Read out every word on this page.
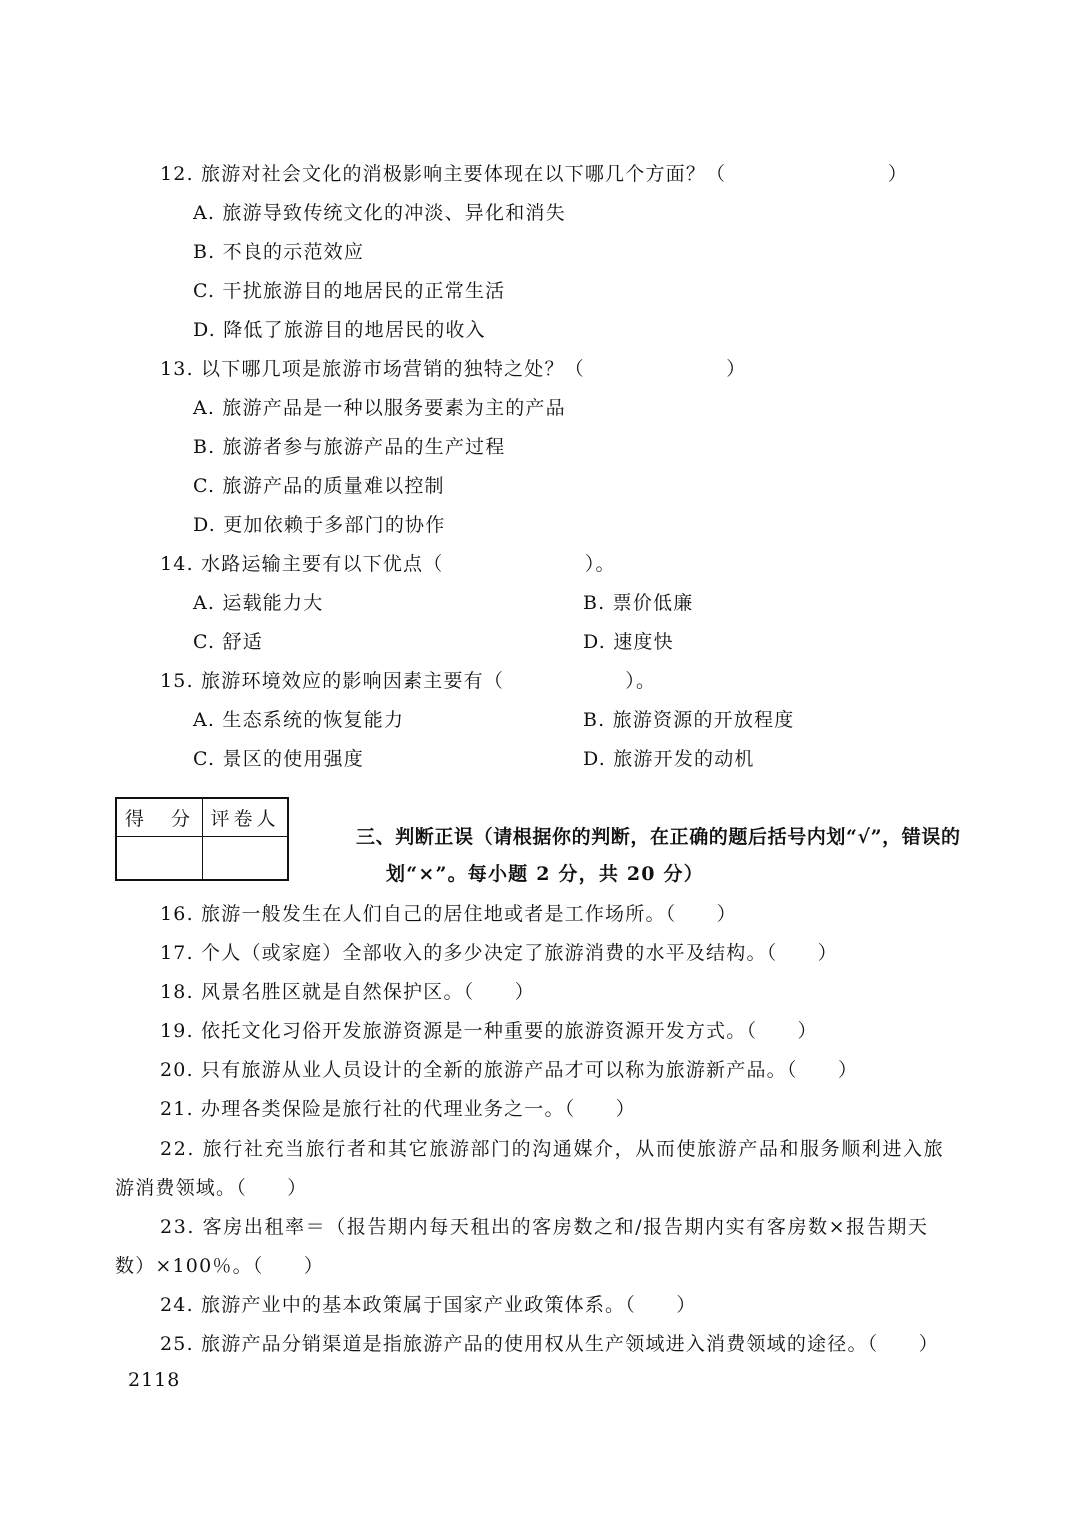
12. 旅游对社会文化的消极影响主要体现在以下哪几个方面？（　　　　　　　　）
A. 旅游导致传统文化的冲淡、异化和消失
B. 不良的示范效应
C. 干扰旅游目的地居民的正常生活
D. 降低了旅游目的地居民的收入
13. 以下哪几项是旅游市场营销的独特之处？（　　　　　　　）
A. 旅游产品是一种以服务要素为主的产品
B. 旅游者参与旅游产品的生产过程
C. 旅游产品的质量难以控制
D. 更加依赖于多部门的协作
14. 水路运输主要有以下优点（　　　　　　　）。
A. 运载能力大	B. 票价低廉
C. 舒适	D. 速度快
15. 旅游环境效应的影响因素主要有（　　　　　　）。
A. 生态系统的恢复能力	B. 旅游资源的开放程度
C. 景区的使用强度	D. 旅游开发的动机
得　分 评卷人
三、判断正误（请根据你的判断，在正确的题后括号内划“√”，错误的
划“×”。每小题 2 分，共 20 分）
16. 旅游一般发生在人们自己的居住地或者是工作场所。（　　）
17. 个人（或家庭）全部收入的多少决定了旅游消费的水平及结构。（　　）
18. 风景名胜区就是自然保护区。（　　）
19. 依托文化习俗开发旅游资源是一种重要的旅游资源开发方式。（　　）
20. 只有旅游从业人员设计的全新的旅游产品才可以称为旅游新产品。（　　）
21. 办理各类保险是旅行社的代理业务之一。（　　）
22. 旅行社充当旅行者和其它旅游部门的沟通媒介，从而使旅游产品和服务顺利进入旅
游消费领域。（　　）
23. 客房出租率＝（报告期内每天租出的客房数之和/报告期内实有客房数×报告期天
数）×100％。（　　）
24. 旅游产业中的基本政策属于国家产业政策体系。（　　）
25. 旅游产品分销渠道是指旅游产品的使用权从生产领域进入消费领域的途径。（　　）
2118
